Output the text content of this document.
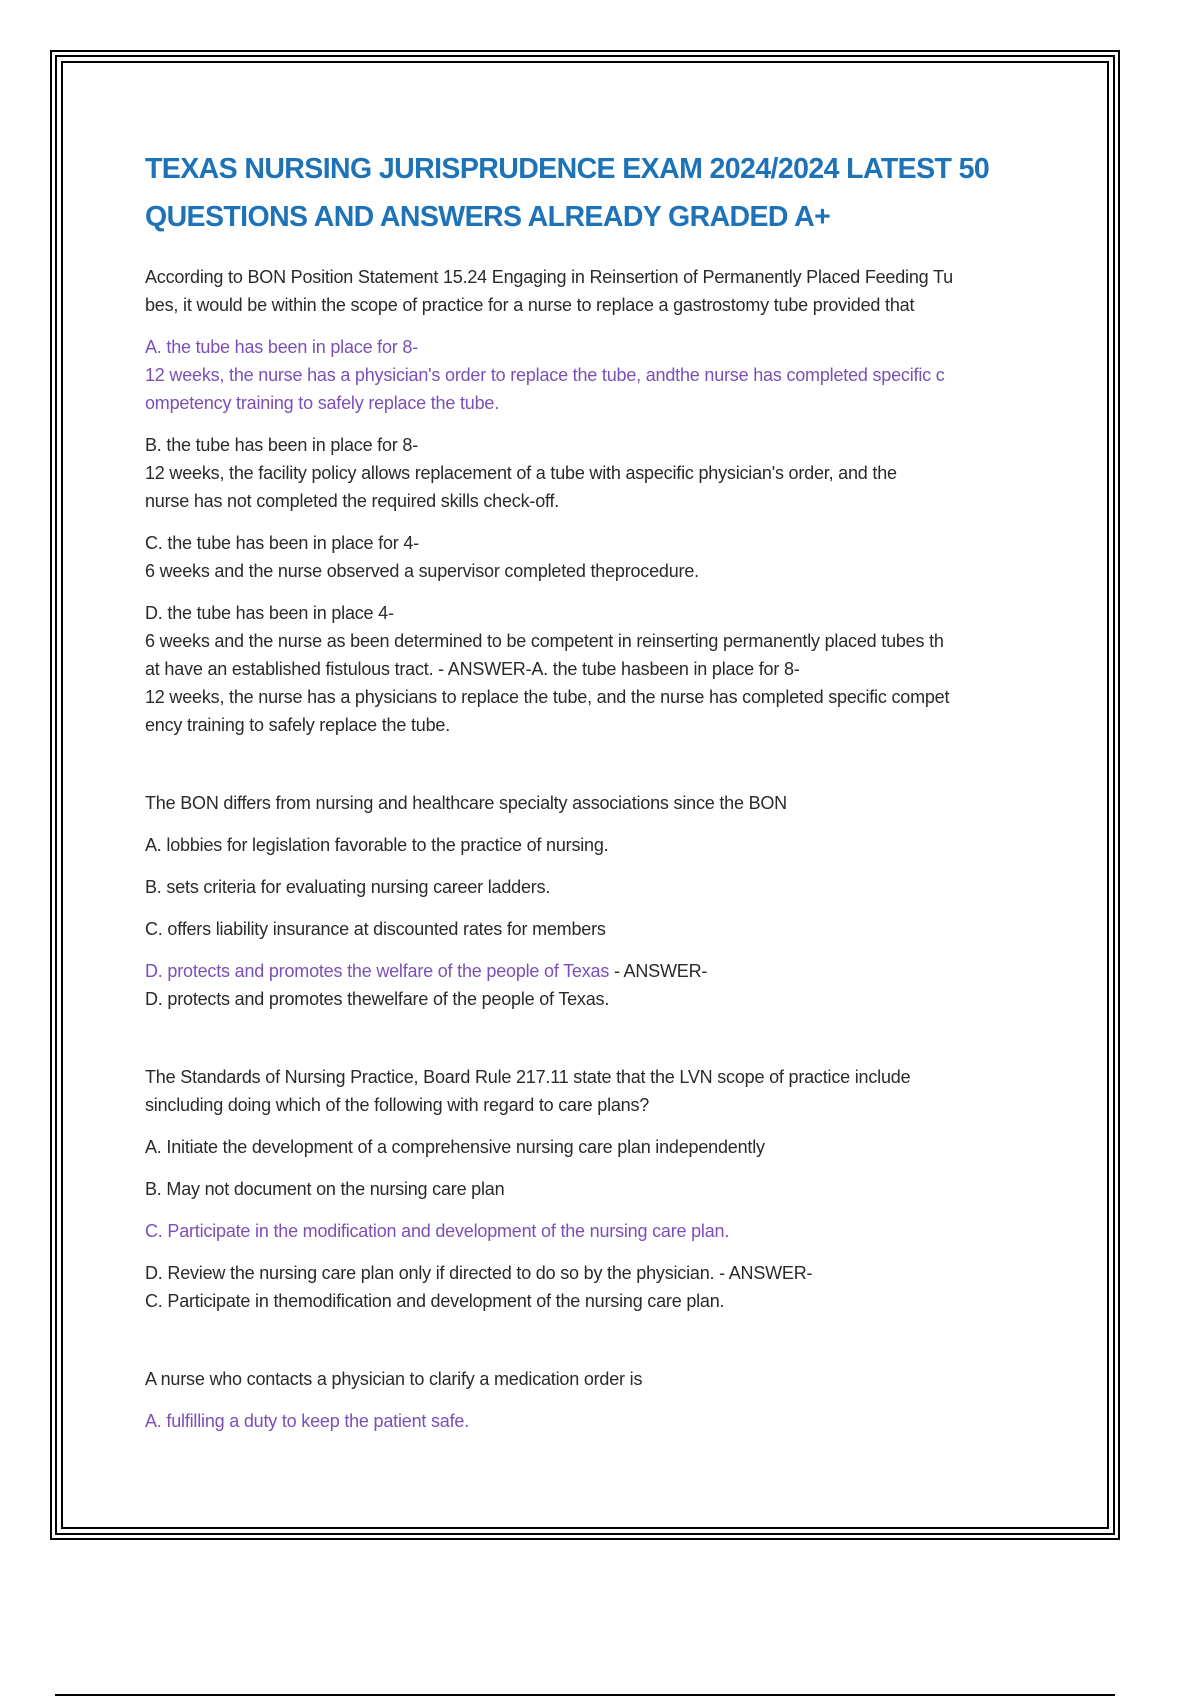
TEXAS NURSING JURISPRUDENCE EXAM 2024/2024 LATEST 50 QUESTIONS AND ANSWERS ALREADY GRADED A+

According to BON Position Statement 15.24 Engaging in Reinsertion of Permanently Placed Feeding Tu
bes, it would be within the scope of practice for a nurse to replace a gastrostomy tube provided that

A. the tube has been in place for 8-
12 weeks, the nurse has a physician's order to replace the tube, andthe nurse has completed specific c
ompetency training to safely replace the tube.

B. the tube has been in place for 8-
12 weeks, the facility policy allows replacement of a tube with aspecific physician's order, and the
nurse has not completed the required skills check-off.

C. the tube has been in place for 4-
6 weeks and the nurse observed a supervisor completed theprocedure.

D. the tube has been in place 4-
6 weeks and the nurse as been determined to be competent in reinserting permanently placed tubes th
at have an established fistulous tract. - ANSWER-A. the tube hasbeen in place for 8-
12 weeks, the nurse has a physicians to replace the tube, and the nurse has completed specific compet
ency training to safely replace the tube.

The BON differs from nursing and healthcare specialty associations since the BON

A. lobbies for legislation favorable to the practice of nursing.

B. sets criteria for evaluating nursing career ladders.

C. offers liability insurance at discounted rates for members

D. protects and promotes the welfare of the people of Texas - ANSWER-
D. protects and promotes thewelfare of the people of Texas.

The Standards of Nursing Practice, Board Rule 217.11 state that the LVN scope of practice include
sincluding doing which of the following with regard to care plans?

A. Initiate the development of a comprehensive nursing care plan independently

B. May not document on the nursing care plan

C. Participate in the modification and development of the nursing care plan.

D. Review the nursing care plan only if directed to do so by the physician. - ANSWER-
C. Participate in themodification and development of the nursing care plan.

A nurse who contacts a physician to clarify a medication order is

A. fulfilling a duty to keep the patient safe.
